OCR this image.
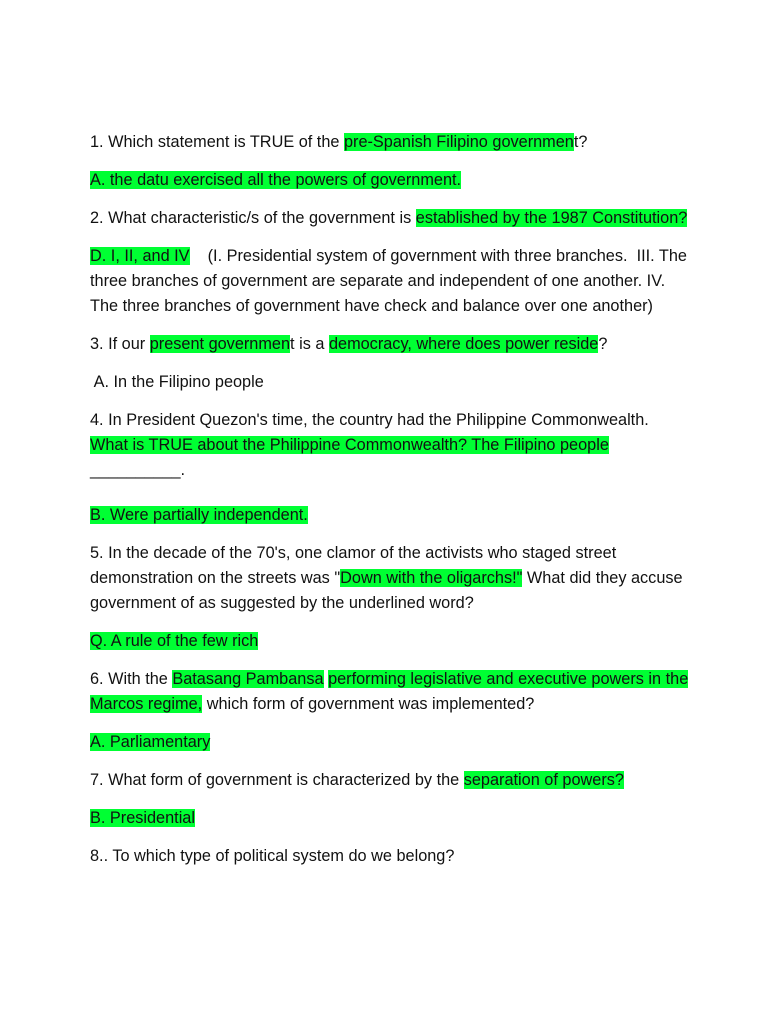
1. Which statement is TRUE of the pre-Spanish Filipino government?

A. the datu exercised all the powers of government.

2. What characteristic/s of the government is established by the 1987 Constitution?

D. I, II, and IV    (I. Presidential system of government with three branches.  III. The three branches of government are separate and independent of one another. IV. The three branches of government have check and balance over one another)

3. If our present government is a democracy, where does power reside?

A. In the Filipino people

4. In President Quezon's time, the country had the Philippine Commonwealth. What is TRUE about the Philippine Commonwealth? The Filipino people
__________.

B. Were partially independent.

5. In the decade of the 70's, one clamor of the activists who staged street demonstration on the streets was "Down with the oligarchs!" What did they accuse government of as suggested by the underlined word?

Q. A rule of the few rich

6. With the Batasang Pambansa performing legislative and executive powers in the Marcos regime, which form of government was implemented?

A. Parliamentary

7. What form of government is characterized by the separation of powers?

B. Presidential

8.. To which type of political system do we belong?
